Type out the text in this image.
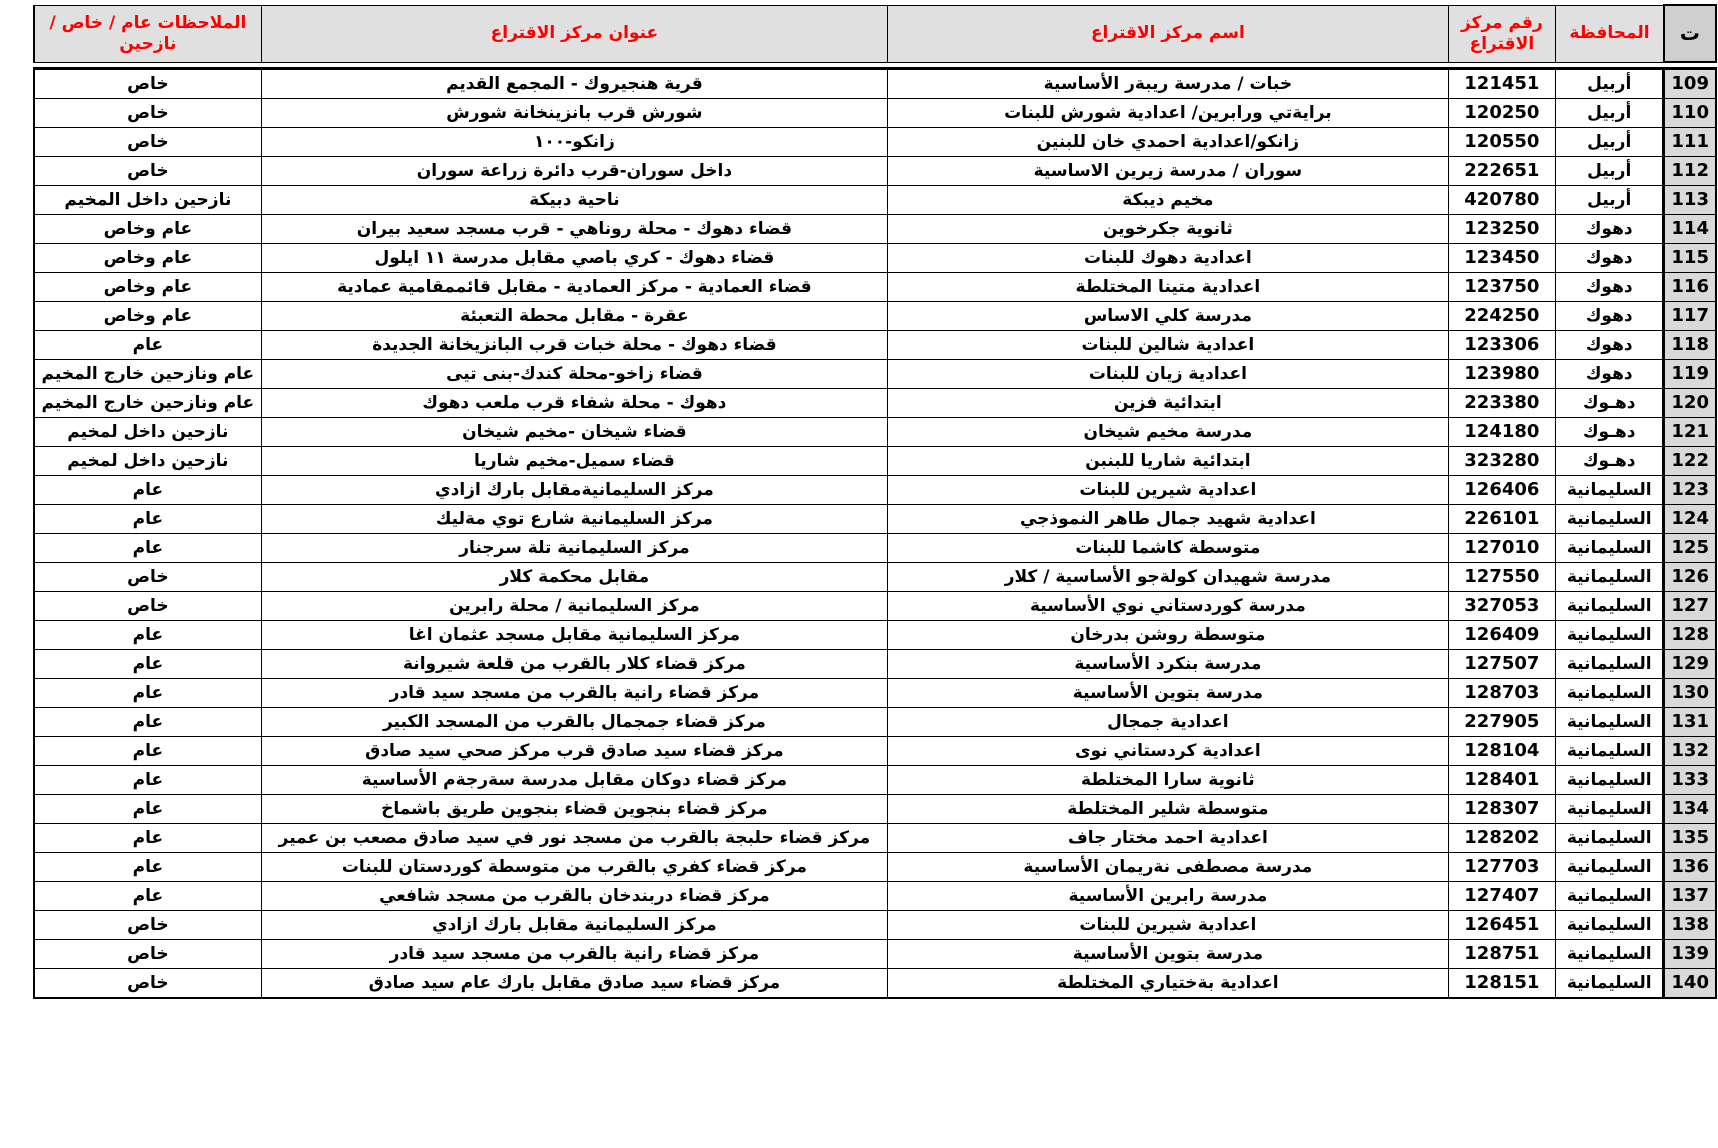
ت	المحافظة	رقم مركز الاقتراع	اسم مركز الاقتراع	عنوان مركز الاقتراع	الملاحظات عام / خاص / نازحين

109	أربيل	121451	خبات / مدرسة ريبةر الأساسية	قرية هنجيروك - المجمع القديم	خاص
110	أربيل	120250	برايةتي ورابرين/ اعدادية شورش للبنات	شورش قرب بانزينخانة شورش	خاص
111	أربيل	120550	زانكو/اعدادية احمدي خان للبنين	زانكو-١٠٠	خاص
112	أربيل	222651	سوران / مدرسة زيرين الاساسية	داخل سوران-قرب دائرة زراعة سوران	خاص
113	أربيل	420780	مخيم ديبكة	ناحية دبيكة	نازحين داخل المخيم
114	دهوك	123250	ثانوية جكرخوين	قضاء دهوك - محلة روناهي - قرب مسجد سعيد بيران	عام وخاص
115	دهوك	123450	اعدادية دهوك للبنات	قضاء دهوك - كري باصي مقابل مدرسة ١١ ايلول	عام وخاص
116	دهوك	123750	اعدادية متينا المختلطة	قضاء العمادية - مركز العمادية - مقابل قائممقامية عمادية	عام وخاص
117	دهوك	224250	مدرسة كلي الاساس	عقرة - مقابل محطة التعبئة	عام وخاص
118	دهوك	123306	اعدادية شالين للبنات	قضاء دهوك - محلة خبات قرب البانزيخانة الجديدة	عام
119	دهوك	123980	اعدادية زيان للبنات	قضاء زاخو-محلة كندك-بنى تيى	عام ونازحين خارج المخيم
120	دهـوك	223380	ابتدائية فزين	دهوك - محلة شفاء قرب ملعب دهوك	عام ونازحين خارج المخيم
121	دهـوك	124180	مدرسة مخيم شيخان	قضاء شيخان -مخيم شيخان	نازحين داخل لمخيم
122	دهـوك	323280	ابتدائية شاريا للبنبن	قضاء سميل-مخيم شاريا	نازحين داخل لمخيم
123	السليمانية	126406	اعدادية شيرين للبنات	مركز السليمانيةمقابل بارك ازادي	عام
124	السليمانية	226101	اعدادية شهيد جمال طاهر النموذجي	مركز السليمانية شارع توي مةليك	عام
125	السليمانية	127010	متوسطة كاشما للبنات	مركز السليمانية تلة سرجنار	عام
126	السليمانية	127550	مدرسة شهيدان كولةجو الأساسية / كلار	مقابل محكمة كلار	خاص
127	السليمانية	327053	مدرسة كوردستاني نوي الأساسية	مركز السليمانية / محلة رابرين	خاص
128	السليمانية	126409	متوسطة روشن بدرخان	مركز السليمانية مقابل مسجد عثمان اغا	عام
129	السليمانية	127507	مدرسة بنكرد الأساسية	مركز قضاء كلار بالقرب من قلعة شيروانة	عام
130	السليمانية	128703	مدرسة بتوين الأساسية	مركز قضاء رانية بالقرب من مسجد سيد قادر	عام
131	السليمانية	227905	اعدادية جمجال	مركز قضاء جمجمال بالقرب من المسجد الكبير	عام
132	السليمانية	128104	اعدادية كردستاني نوى	مركز قضاء سيد صادق قرب مركز صحي سيد صادق	عام
133	السليمانية	128401	ثانوية سارا المختلطة	مركز قضاء دوكان مقابل مدرسة سةرجةم الأساسية	عام
134	السليمانية	128307	متوسطة شلير المختلطة	مركز قضاء بنجوين قضاء بنجوين طريق باشماخ	عام
135	السليمانية	128202	اعدادية احمد مختار جاف	مركز قضاء حلبجة بالقرب من مسجد نور في سيد صادق مصعب بن عمير	عام
136	السليمانية	127703	مدرسة مصطفى نةريمان الأساسية	مركز قضاء كفري بالقرب من متوسطة كوردستان للبنات	عام
137	السليمانية	127407	مدرسة رابرين الأساسية	مركز قضاء دربندخان بالقرب من مسجد شافعي	عام
138	السليمانية	126451	اعدادية شيرين للبنات	مركز السليمانية مقابل بارك ازادي	خاص
139	السليمانية	128751	مدرسة بتوين الأساسية	مركز قضاء رانية بالقرب من مسجد سيد قادر	خاص
140	السليمانية	128151	اعدادية بةختياري المختلطة	مركز قضاء سيد صادق مقابل بارك عام سيد صادق	خاص
